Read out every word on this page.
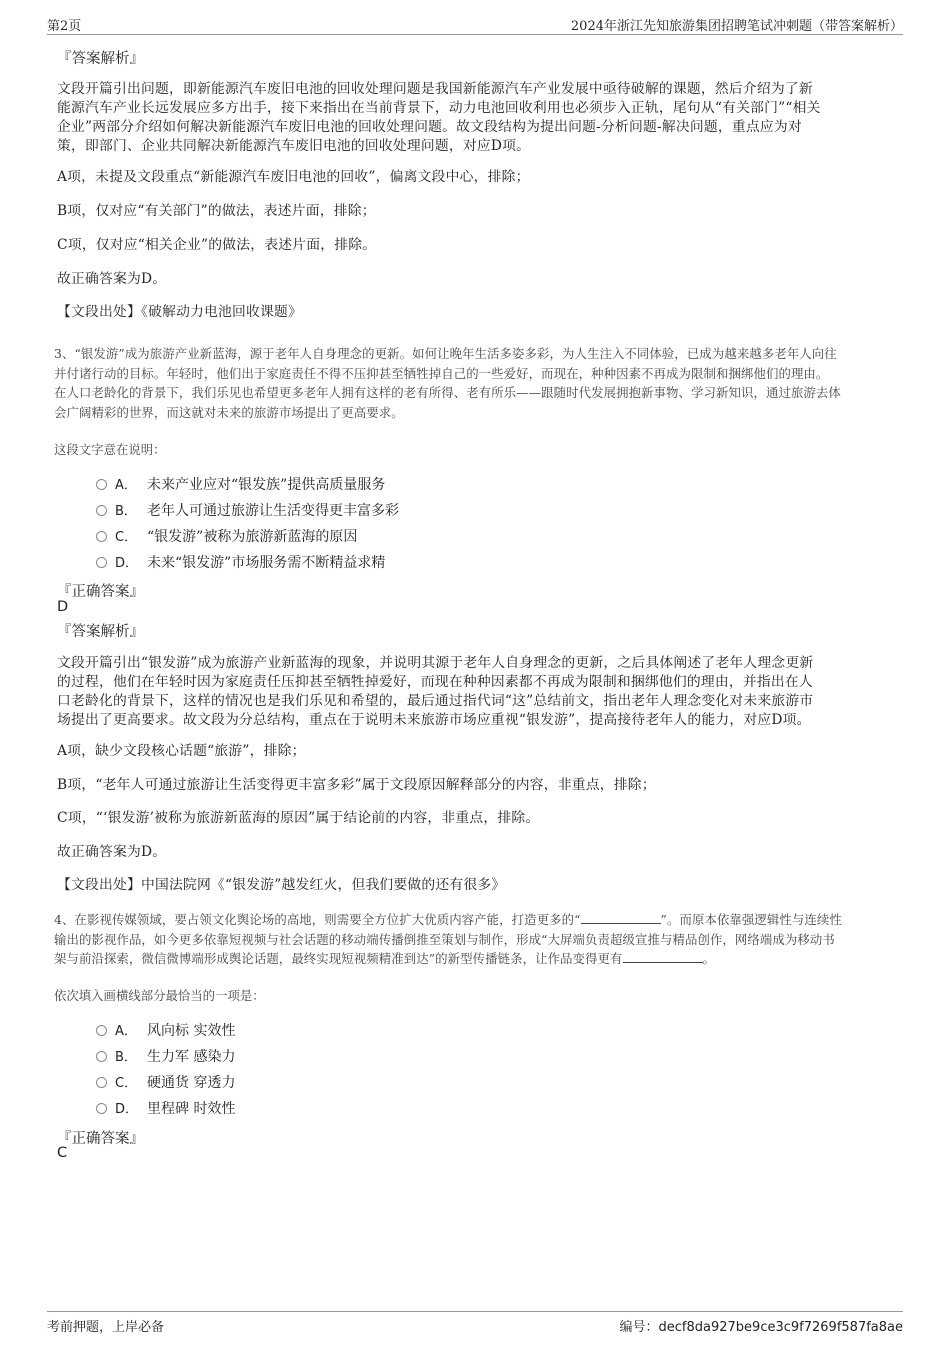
第2页	2024年浙江先知旅游集团招聘笔试冲刺题（带答案解析）
『答案解析』
文段开篇引出问题，即新能源汽车废旧电池的回收处理问题是我国新能源汽车产业发展中亟待破解的课题，然后介绍为了新
能源汽车产业长远发展应多方出手，接下来指出在当前背景下，动力电池回收利用也必须步入正轨，尾句从“有关部门”“相关
企业”两部分介绍如何解决新能源汽车废旧电池的回收处理问题。故文段结构为提出问题-分析问题-解决问题，重点应为对
策，即部门、企业共同解决新能源汽车废旧电池的回收处理问题，对应D项。
A项，未提及文段重点“新能源汽车废旧电池的回收”，偏离文段中心，排除；
B项，仅对应“有关部门”的做法，表述片面，排除；
C项，仅对应“相关企业”的做法，表述片面，排除。
故正确答案为D。
【文段出处】《破解动力电池回收课题》
3、“银发游”成为旅游产业新蓝海，源于老年人自身理念的更新。如何让晚年生活多姿多彩，为人生注入不同体验，已成为越来越多老年人向往
并付诸行动的目标。年轻时，他们出于家庭责任不得不压抑甚至牺牲掉自己的一些爱好，而现在，种种因素不再成为限制和捆绑他们的理由。
在人口老龄化的背景下，我们乐见也希望更多老年人拥有这样的老有所得、老有所乐——跟随时代发展拥抱新事物、学习新知识，通过旅游去体
会广阔精彩的世界，而这就对未来的旅游市场提出了更高要求。
这段文字意在说明：
A． 未来产业应对“银发族”提供高质量服务
B． 老年人可通过旅游让生活变得更丰富多彩
C． “银发游”被称为旅游新蓝海的原因
D． 未来“银发游”市场服务需不断精益求精
『正确答案』
D
『答案解析』
文段开篇引出“银发游”成为旅游产业新蓝海的现象，并说明其源于老年人自身理念的更新，之后具体阐述了老年人理念更新
的过程，他们在年轻时因为家庭责任压抑甚至牺牲掉爱好，而现在种种因素都不再成为限制和捆绑他们的理由，并指出在人
口老龄化的背景下，这样的情况也是我们乐见和希望的，最后通过指代词“这”总结前文，指出老年人理念变化对未来旅游市
场提出了更高要求。故文段为分总结构，重点在于说明未来旅游市场应重视“银发游”，提高接待老年人的能力，对应D项。
A项，缺少文段核心话题“旅游”，排除；
B项，“老年人可通过旅游让生活变得更丰富多彩”属于文段原因解释部分的内容，非重点，排除；
C项，“‘银发游’被称为旅游新蓝海的原因”属于结论前的内容，非重点，排除。
故正确答案为D。
【文段出处】中国法院网《“银发游”越发红火，但我们要做的还有很多》
4、在影视传媒领域，要占领文化舆论场的高地，则需要全方位扩大优质内容产能，打造更多的“	”。而原本依靠强逻辑性与连续性
输出的影视作品，如今更多依靠短视频与社会话题的移动端传播倒推至策划与制作，形成“大屏端负责超级宣推与精品创作，网络端成为移动书
架与前沿探索，微信微博端形成舆论话题，最终实现短视频精准到达”的新型传播链条，让作品变得更有	。
依次填入画横线部分最恰当的一项是：
A． 风向标 实效性
B． 生力军 感染力
C． 硬通货 穿透力
D． 里程碑 时效性
『正确答案』
C
考前押题，上岸必备	编号：decf8da927be9ce3c9f7269f587fa8ae
